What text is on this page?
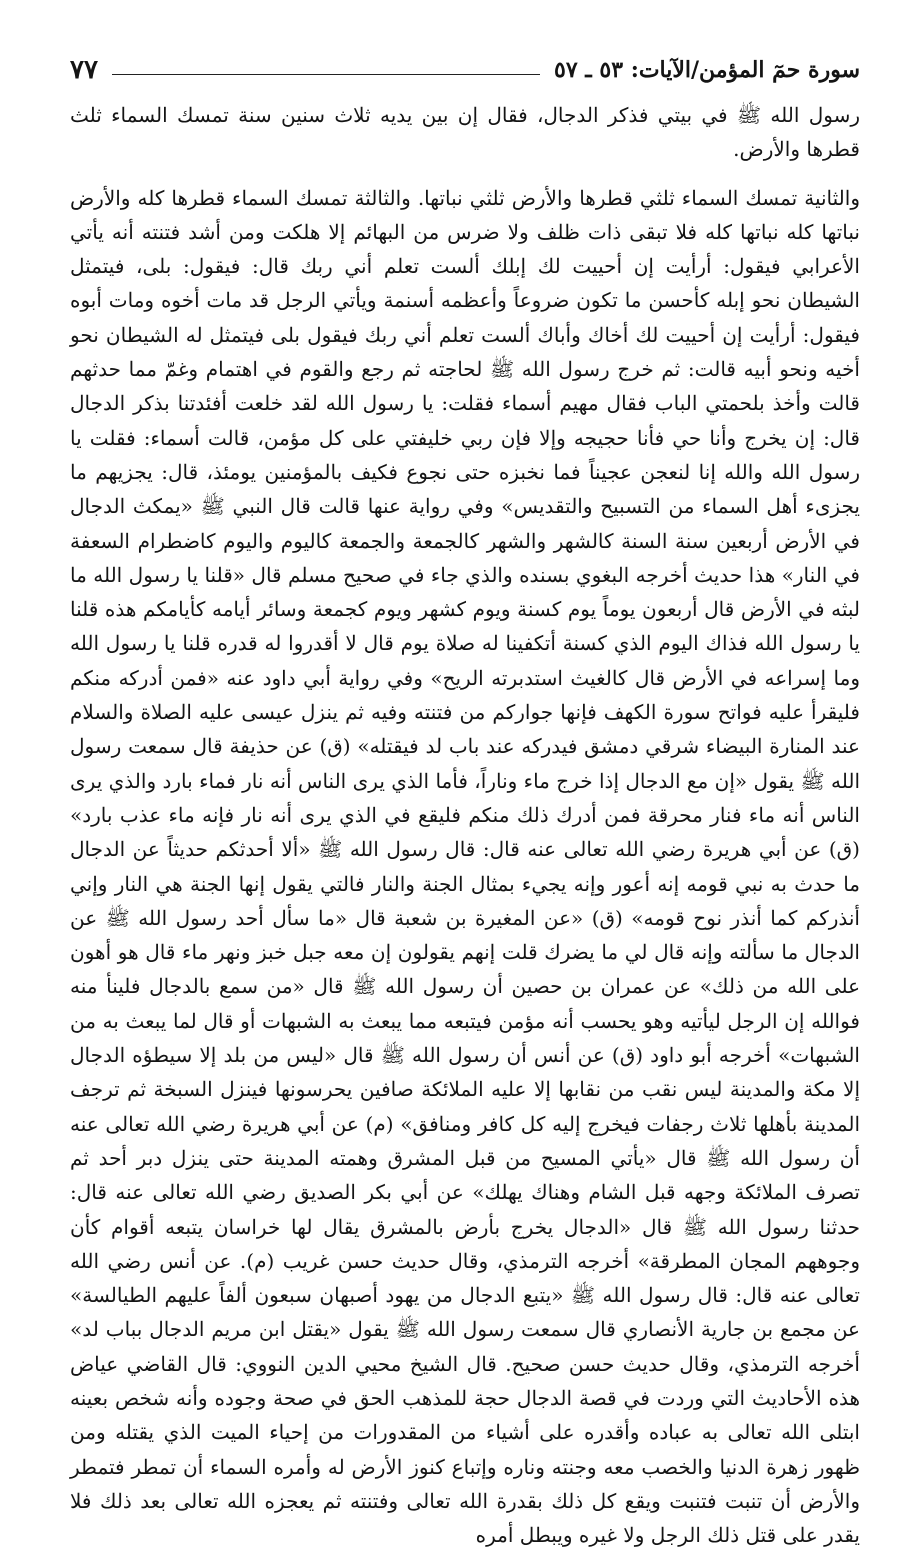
سورة حمٓ المؤمن/الآيات: ٥٣ ـ ٥٧
٧٧

رسول الله ﷺ في بيتي فذكر الدجال، فقال إن بين يديه ثلاث سنين سنة تمسك السماء ثلث قطرها والأرض.

والثانية تمسك السماء ثلثي قطرها والأرض ثلثي نباتها. والثالثة تمسك السماء قطرها كله والأرض نباتها كله نباتها كله فلا تبقى ذات ظلف ولا ضرس من البهائم إلا هلكت ومن أشد فتنته أنه يأتي الأعرابي فيقول: أرأيت إن أحييت لك إبلك ألست تعلم أني ربك قال: فيقول: بلى، فيتمثل الشيطان نحو إبله كأحسن ما تكون ضروعاً وأعظمه أسنمة ويأتي الرجل قد مات أخوه ومات أبوه فيقول: أرأيت إن أحييت لك أخاك وأباك ألست تعلم أني ربك فيقول بلى فيتمثل له الشيطان نحو أخيه ونحو أبيه قالت: ثم خرج رسول الله ﷺ لحاجته ثم رجع والقوم في اهتمام وغمّ مما حدثهم قالت وأخذ بلحمتي الباب فقال مهيم أسماء فقلت: يا رسول الله لقد خلعت أفئدتنا بذكر الدجال قال: إن يخرج وأنا حي فأنا حجيجه وإلا فإن ربي خليفتي على كل مؤمن، قالت أسماء: فقلت يا رسول الله والله إنا لنعجن عجيناً فما نخبزه حتى نجوع فكيف بالمؤمنين يومئذ، قال: يجزيهم ما يجزىء أهل السماء من التسبيح والتقديس» وفي رواية عنها قالت قال النبي ﷺ «يمكث الدجال في الأرض أربعين سنة السنة كالشهر والشهر كالجمعة والجمعة كاليوم واليوم كاضطرام السعفة في النار» هذا حديث أخرجه البغوي بسنده والذي جاء في صحيح مسلم قال «قلنا يا رسول الله ما لبثه في الأرض قال أربعون يوماً يوم كسنة ويوم كشهر ويوم كجمعة وسائر أيامه كأيامكم هذه قلنا يا رسول الله فذاك اليوم الذي كسنة أتكفينا له صلاة يوم قال لا أقدروا له قدره قلنا يا رسول الله وما إسراعه في الأرض قال كالغيث استدبرته الريح» وفي رواية أبي داود عنه «فمن أدركه منكم فليقرأ عليه فواتح سورة الكهف فإنها جواركم من فتنته وفيه ثم ينزل عيسى عليه الصلاة والسلام عند المنارة البيضاء شرقي دمشق فيدركه عند باب لد فيقتله» (ق) عن حذيفة قال سمعت رسول الله ﷺ يقول «إن مع الدجال إذا خرج ماء وناراً، فأما الذي يرى الناس أنه نار فماء بارد والذي يرى الناس أنه ماء فنار محرقة فمن أدرك ذلك منكم فليقع في الذي يرى أنه نار فإنه ماء عذب بارد» (ق) عن أبي هريرة رضي الله تعالى عنه قال: قال رسول الله ﷺ «ألا أحدثكم حديثاً عن الدجال ما حدث به نبي قومه إنه أعور وإنه يجيء بمثال الجنة والنار فالتي يقول إنها الجنة هي النار وإني أنذركم كما أنذر نوح قومه» (ق) «عن المغيرة بن شعبة قال «ما سأل أحد رسول الله ﷺ عن الدجال ما سألته وإنه قال لي ما يضرك قلت إنهم يقولون إن معه جبل خبز ونهر ماء قال هو أهون على الله من ذلك» عن عمران بن حصين أن رسول الله ﷺ قال «من سمع بالدجال فلينأ منه فوالله إن الرجل ليأتيه وهو يحسب أنه مؤمن فيتبعه مما يبعث به الشبهات أو قال لما يبعث به من الشبهات» أخرجه أبو داود (ق) عن أنس أن رسول الله ﷺ قال «ليس من بلد إلا سيطؤه الدجال إلا مكة والمدينة ليس نقب من نقابها إلا عليه الملائكة صافين يحرسونها فينزل السبخة ثم ترجف المدينة بأهلها ثلاث رجفات فيخرج إليه كل كافر ومنافق» (م) عن أبي هريرة رضي الله تعالى عنه أن رسول الله ﷺ قال «يأتي المسيح من قبل المشرق وهمته المدينة حتى ينزل دبر أحد ثم تصرف الملائكة وجهه قبل الشام وهناك يهلك» عن أبي بكر الصديق رضي الله تعالى عنه قال: حدثنا رسول الله ﷺ قال «الدجال يخرج بأرض بالمشرق يقال لها خراسان يتبعه أقوام كأن وجوههم المجان المطرقة» أخرجه الترمذي، وقال حديث حسن غريب (م). عن أنس رضي الله تعالى عنه قال: قال رسول الله ﷺ «يتبع الدجال من يهود أصبهان سبعون ألفاً عليهم الطيالسة» عن مجمع بن جارية الأنصاري قال سمعت رسول الله ﷺ يقول «يقتل ابن مريم الدجال بباب لد» أخرجه الترمذي، وقال حديث حسن صحيح. قال الشيخ محيي الدين النووي: قال القاضي عياض هذه الأحاديث التي وردت في قصة الدجال حجة للمذهب الحق في صحة وجوده وأنه شخص بعينه ابتلى الله تعالى به عباده وأقدره على أشياء من المقدورات من إحياء الميت الذي يقتله ومن ظهور زهرة الدنيا والخصب معه وجنته وناره وإتباع كنوز الأرض له وأمره السماء أن تمطر فتمطر والأرض أن تنبت فتنبت ويقع كل ذلك بقدرة الله تعالى وفتنته ثم يعجزه الله تعالى بعد ذلك فلا يقدر على قتل ذلك الرجل ولا غيره ويبطل أمره
